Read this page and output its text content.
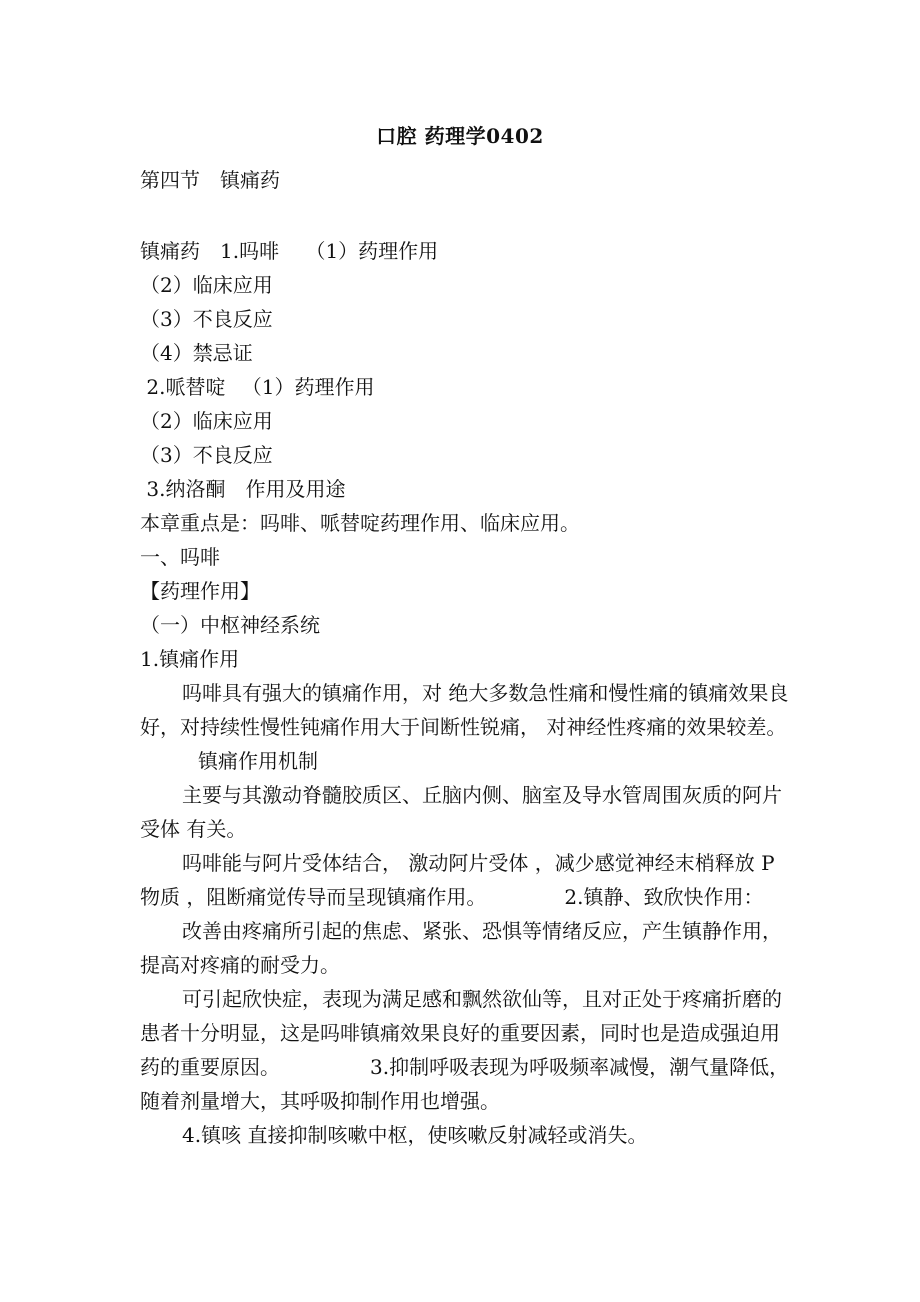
口腔 药理学0402
第四节　镇痛药

镇痛药　1.吗啡　 （1）药理作用

（2）临床应用

（3）不良反应

（4）禁忌证

2.哌替啶 　（1）药理作用

（2）临床应用

（3）不良反应

3.纳洛酮　作用及用途

本章重点是：吗啡、哌替啶药理作用、临床应用。

一、吗啡

【药理作用】

（一）中枢神经系统

1.镇痛作用

吗啡具有强大的镇痛作用，对 绝大多数急性痛和慢性痛的镇痛效果良好，对持续性慢性钝痛作用大于间断性锐痛， 对神经性疼痛的效果较差。镇痛作用机制

主要与其激动脊髓胶质区、丘脑内侧、脑室及导水管周围灰质的阿片受体 有关。

吗啡能与阿片受体结合， 激动阿片受体 ，减少感觉神经末梢释放 P 物质 ，阻断痛觉传导而呈现镇痛作用。	2.镇静、致欣快作用：

改善由疼痛所引起的焦虑、紧张、恐惧等情绪反应，产生镇静作用，提高对疼痛的耐受力。

可引起欣快症，表现为满足感和飘然欲仙等，且对正处于疼痛折磨的患者十分明显，这是吗啡镇痛效果良好的重要因素，同时也是造成强迫用药的重要原因。	3.抑制呼吸表现为呼吸频率减慢，潮气量降低，随着剂量增大，其呼吸抑制作用也增强。

4.镇咳 直接抑制咳嗽中枢，使咳嗽反射减轻或消失。
